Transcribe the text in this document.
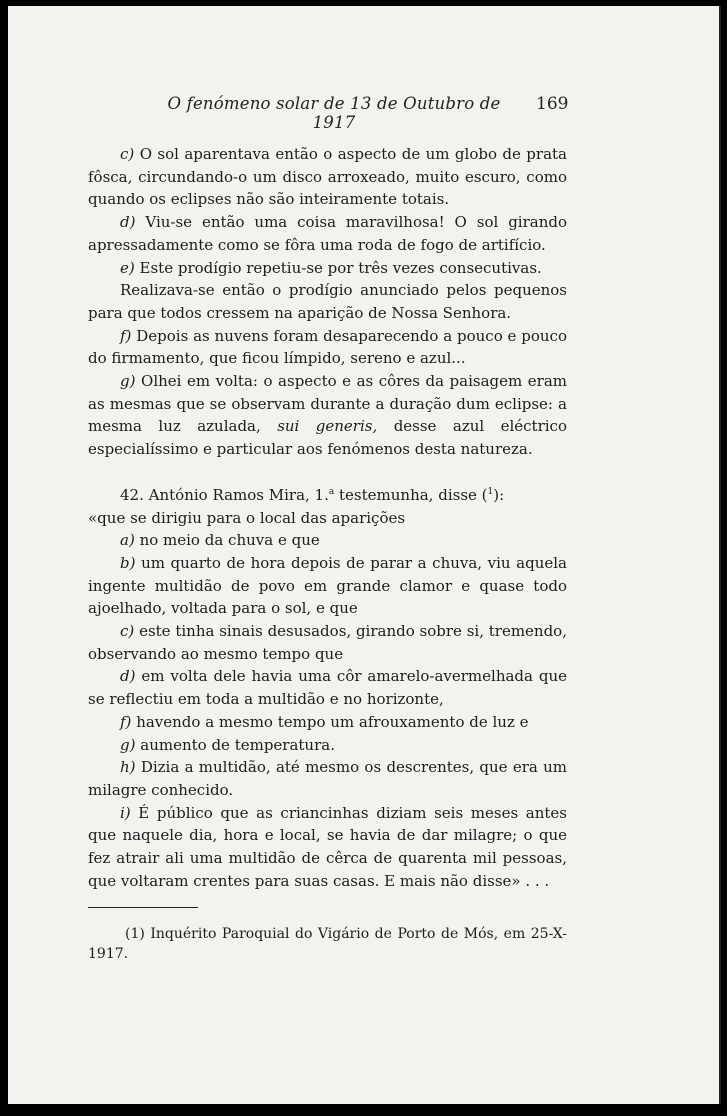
O fenómeno solar de 13 de Outubro de 1917
169

c) O sol aparentava então o aspecto de um globo de prata fôsca, circundando-o um disco arroxeado, muito escuro, como quando os eclipses não são inteiramente totais.

d) Viu-se então uma coisa maravilhosa! O sol girando apressadamente como se fôra uma roda de fogo de artifício.

e) Este prodígio repetiu-se por três vezes consecutivas.

Realizava-se então o prodígio anunciado pelos pequenos para que todos cressem na aparição de Nossa Senhora.

f) Depois as nuvens foram desaparecendo a pouco e pouco do firmamento, que ficou límpido, sereno e azul...

g) Olhei em volta: o aspecto e as côres da paisagem eram as mesmas que se observam durante a duração dum eclipse: a mesma luz azulada, sui generis, desse azul eléctrico especialíssimo e particular aos fenómenos desta natureza.

42. António Ramos Mira, 1.$^a$ testemunha, disse ($^1$):

«que se dirigiu para o local das aparições

a) no meio da chuva e que

b) um quarto de hora depois de parar a chuva, viu aquela ingente multidão de povo em grande clamor e quase todo ajoelhado, voltada para o sol, e que

c) este tinha sinais desusados, girando sobre si, tremendo, observando ao mesmo tempo que

d) em volta dele havia uma côr amarelo-avermelhada que se reflectiu em toda a multidão e no horizonte,

f) havendo a mesmo tempo um afrouxamento de luz e

g) aumento de temperatura.

h) Dizia a multidão, até mesmo os descrentes, que era um milagre conhecido.

i) É público que as criancinhas diziam seis meses antes que naquele dia, hora e local, se havia de dar milagre; o que fez atrair ali uma multidão de cêrca de quarenta mil pessoas, que voltaram crentes para suas casas. E mais não disse» . . .

(1) Inquérito Paroquial do Vigário de Porto de Mós, em 25-X-1917.
